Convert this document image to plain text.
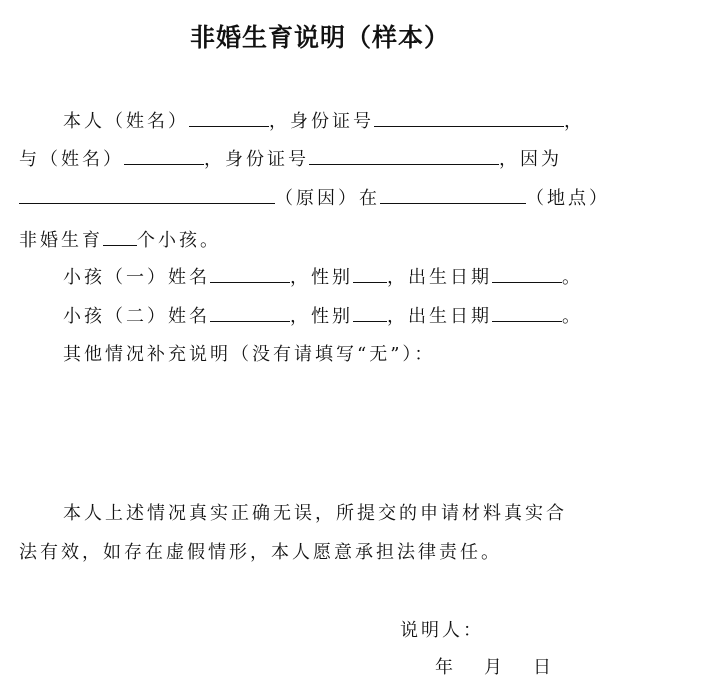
非婚生育说明（样本）
本人（姓名）	，身份证号	，
与（姓名）	，身份证号	，因为
（原因）在	（地点）
非婚生育 个小孩。
小孩（一）姓名	，性别 ，出生日期	。
小孩（二）姓名	，性别 ，出生日期	。
其他情况补充说明（没有请填写“无”）：
本人上述情况真实正确无误，所提交的申请材料真实合
法有效，如存在虚假情形，本人愿意承担法律责任。
说明人：
年 月 日
